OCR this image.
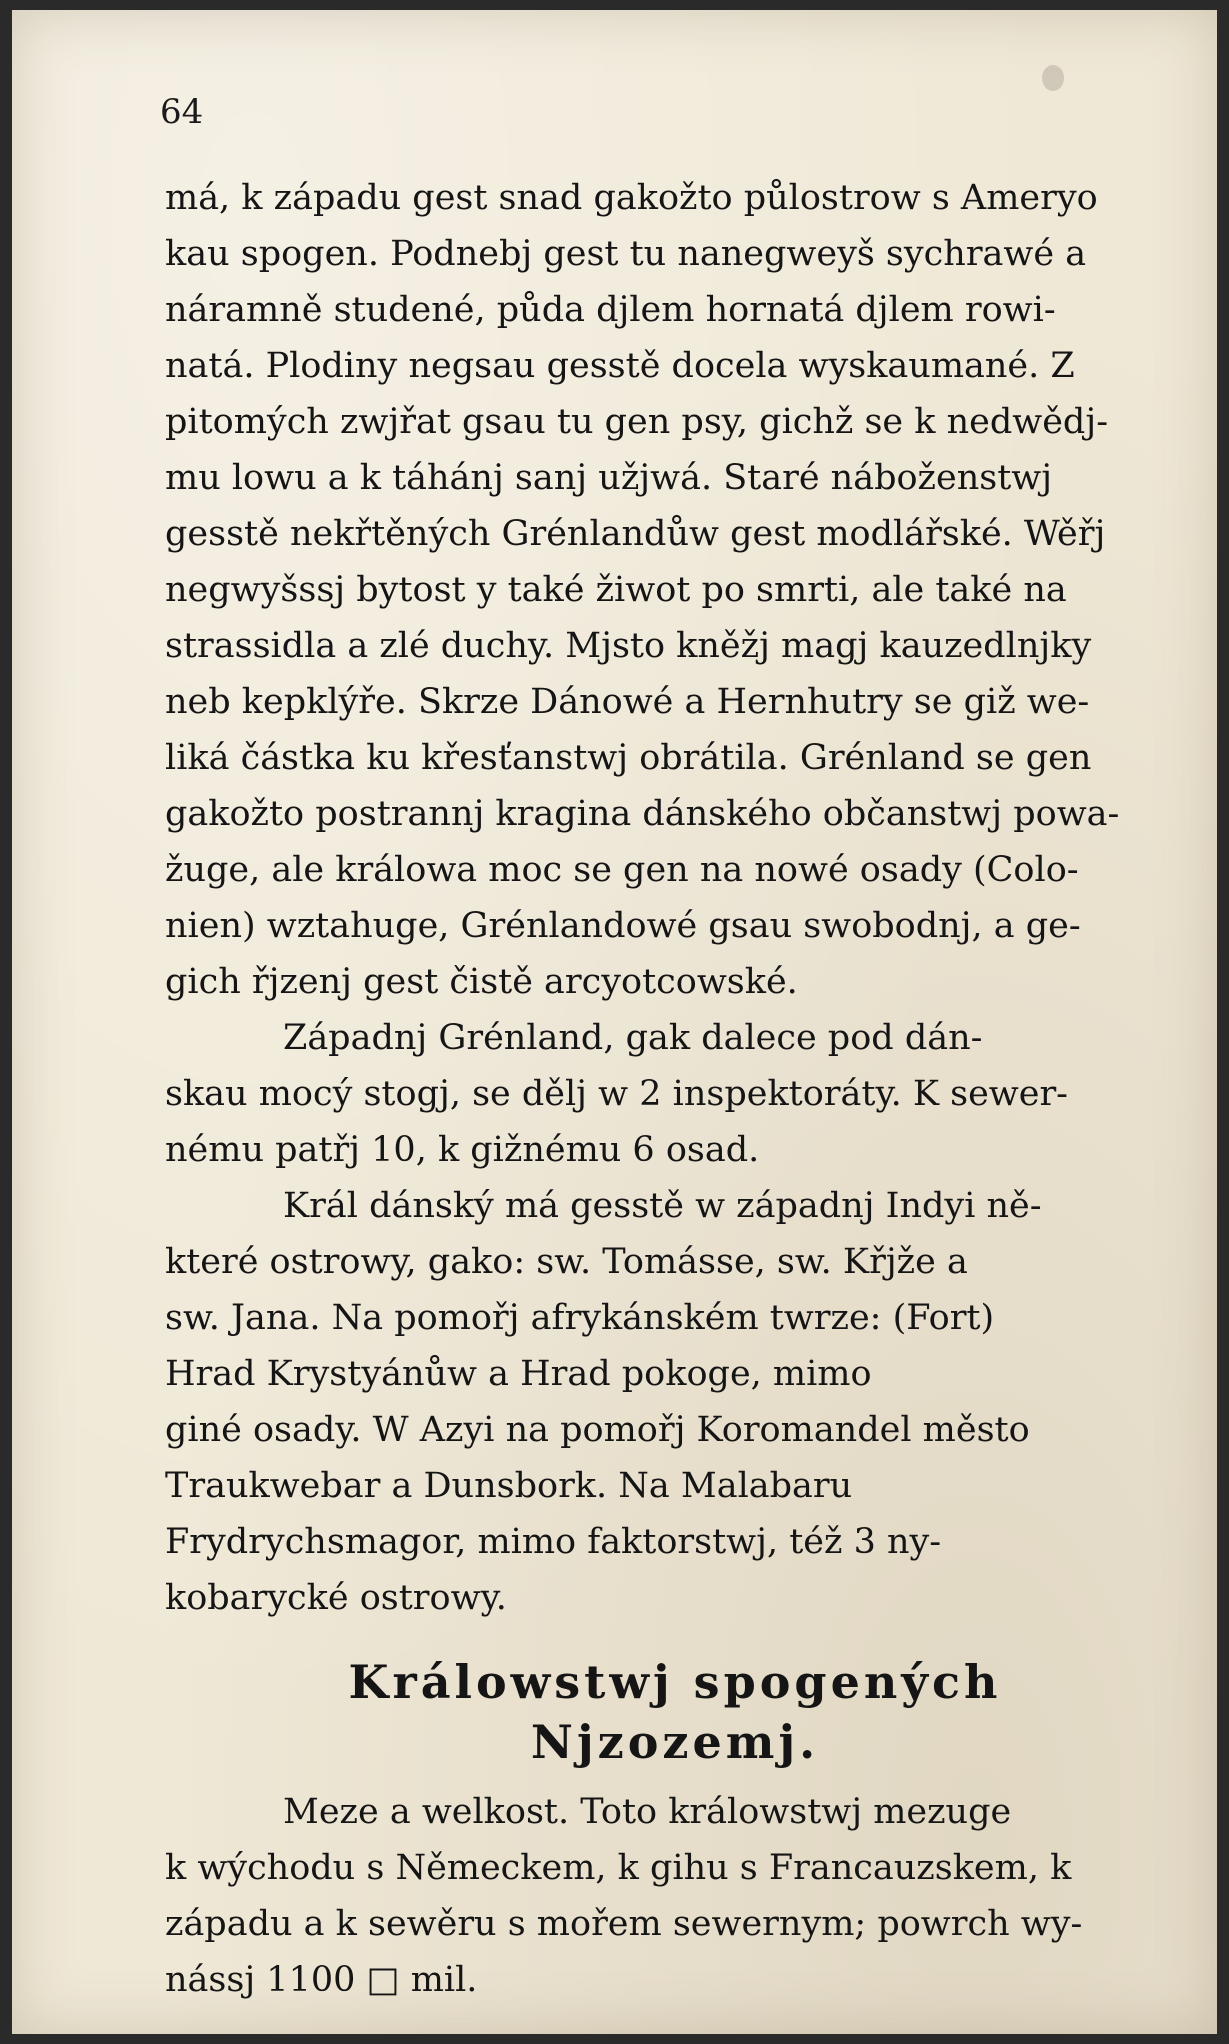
64

má, k západu gest snad gakožto půlostrow s Ameryo
kau spogen. Podnebj gest tu nanegweyš sychrawé a
náramně studené, půda djlem hornatá djlem rowi-
natá. Plodiny negsau gesstě docela wyskaumané. Z
pitomých zwjřat gsau tu gen psy, gichž se k nedwědj-
mu lowu a k táhánj sanj užjwá. Staré náboženstwj
gesstě nekřtěných Grénlandůw gest modlářské. Wěřj
negwyšssj bytost y také žiwot po smrti, ale také na
strassidla a zlé duchy. Mjsto kněžj magj kauzedlnjky
neb kepklýře. Skrze Dánowé a Hernhutry se giž we-
liká částka ku křesťanstwj obrátila. Grénland se gen
gakožto postrannj kragina dánského občanstwj powa-
žuge, ale králowa moc se gen na nowé osady (Colo-
nien) wztahuge, Grénlandowé gsau swobodnj, a ge-
gich řjzenj gest čistě arcyotcowské.

Západnj Grénland, gak dalece pod dán-
skau mocý stogj, se dělj w 2 inspektoráty. K sewer-
nému patřj 10, k gižnému 6 osad.

Král dánský má gesstě w západnj Indyi ně-
které ostrowy, gako: sw. Tomásse, sw. Křjže a
sw. Jana. Na pomořj afrykánském twrze: (Fort)
Hrad Krystyánůw a Hrad pokoge, mimo
giné osady. W Azyi na pomořj Koromandel město
Traukwebar a Dunsbork. Na Malabaru
Frydrychsmagor, mimo faktorstwj, též 3 ny-
kobarycké ostrowy.

Králowstwj spogených Njzozemj.

Meze a welkost. Toto králowstwj mezuge
k wýchodu s Německem, k gihu s Francauzskem, k
západu a k sewěru s mořem sewernym; powrch wy-
nássj 1100 □ mil.
